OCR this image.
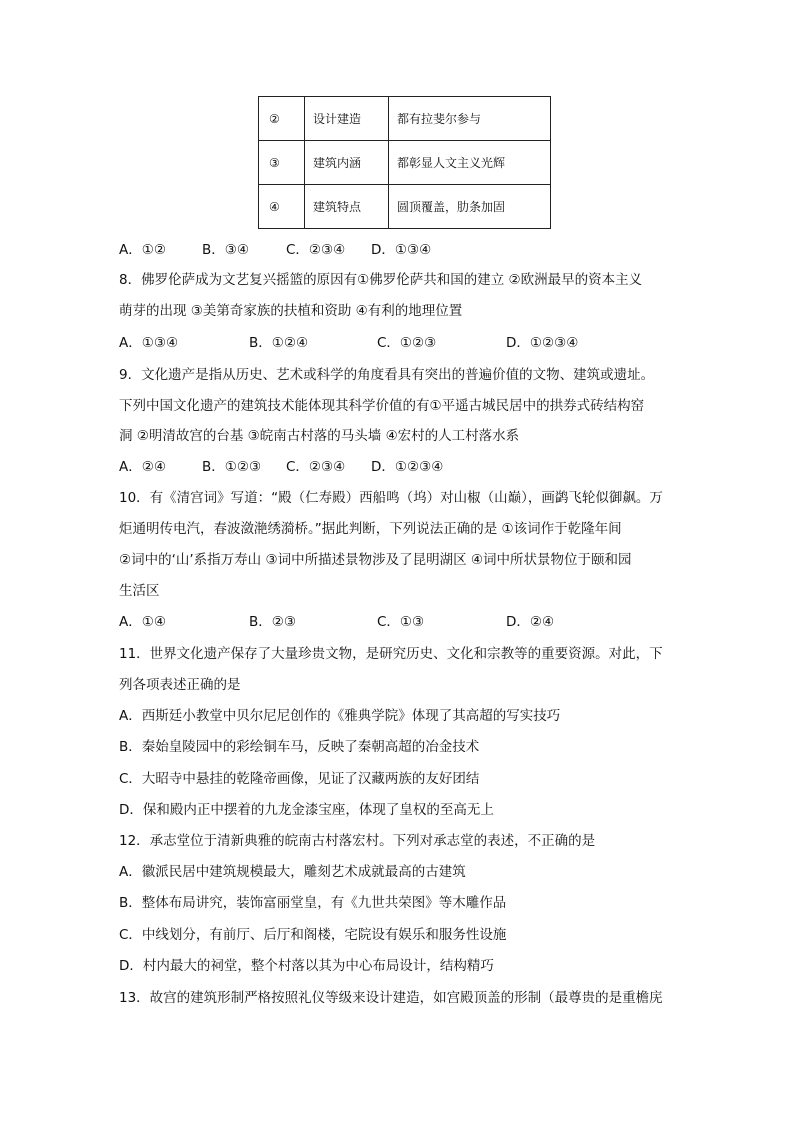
②	设计建造	都有拉斐尔参与
③	建筑内涵	都彰显人文主义光辉
④	建筑特点	圆顶覆盖，肋条加固
A．①②	B．③④	C．②③④ D．①③④
8．佛罗伦萨成为文艺复兴摇篮的原因有①佛罗伦萨共和国的建立 ②欧洲最早的资本主义
萌芽的出现 ③美第奇家族的扶植和资助 ④有利的地理位置
A．①③④	B．①②④	C．①②③	D．①②③④
9．文化遗产是指从历史、艺术或科学的角度看具有突出的普遍价值的文物、建筑或遗址。
下列中国文化遗产的建筑技术能体现其科学价值的有①平遥古城民居中的拱券式砖结构窑
洞 ②明清故宫的台基 ③皖南古村落的马头墙 ④宏村的人工村落水系
A．②④	B．①②③ C．②③④ D．①②③④
10．有《清宫词》写道：“殿（仁寿殿）西船鸣（坞）对山椒（山巅），画鹢飞轮似御飙。万
炬通明传电汽，春波潋滟绣漪桥。”据此判断，下列说法正确的是 ①该词作于乾隆年间
②词中的‘山’系指万寿山 ③词中所描述景物涉及了昆明湖区 ④词中所状景物位于颐和园
生活区
A．①④	B．②③	C．①③	D．②④
11．世界文化遗产保存了大量珍贵文物，是研究历史、文化和宗教等的重要资源。对此，下
列各项表述正确的是
A．西斯廷小教堂中贝尔尼尼创作的《雅典学院》体现了其高超的写实技巧
B．秦始皇陵园中的彩绘铜车马，反映了秦朝高超的冶金技术
C．大昭寺中悬挂的乾隆帝画像，见证了汉藏两族的友好团结
D．保和殿内正中摆着的九龙金漆宝座，体现了皇权的至高无上
12．承志堂位于清新典雅的皖南古村落宏村。下列对承志堂的表述，不正确的是
A．徽派民居中建筑规模最大，雕刻艺术成就最高的古建筑
B．整体布局讲究，装饰富丽堂皇，有《九世共荣图》等木雕作品
C．中线划分，有前厅、后厅和阁楼，宅院设有娱乐和服务性设施
D．村内最大的祠堂，整个村落以其为中心布局设计，结构精巧
13．故宫的建筑形制严格按照礼仪等级来设计建造，如宫殿顶盖的形制（最尊贵的是重檐庑
